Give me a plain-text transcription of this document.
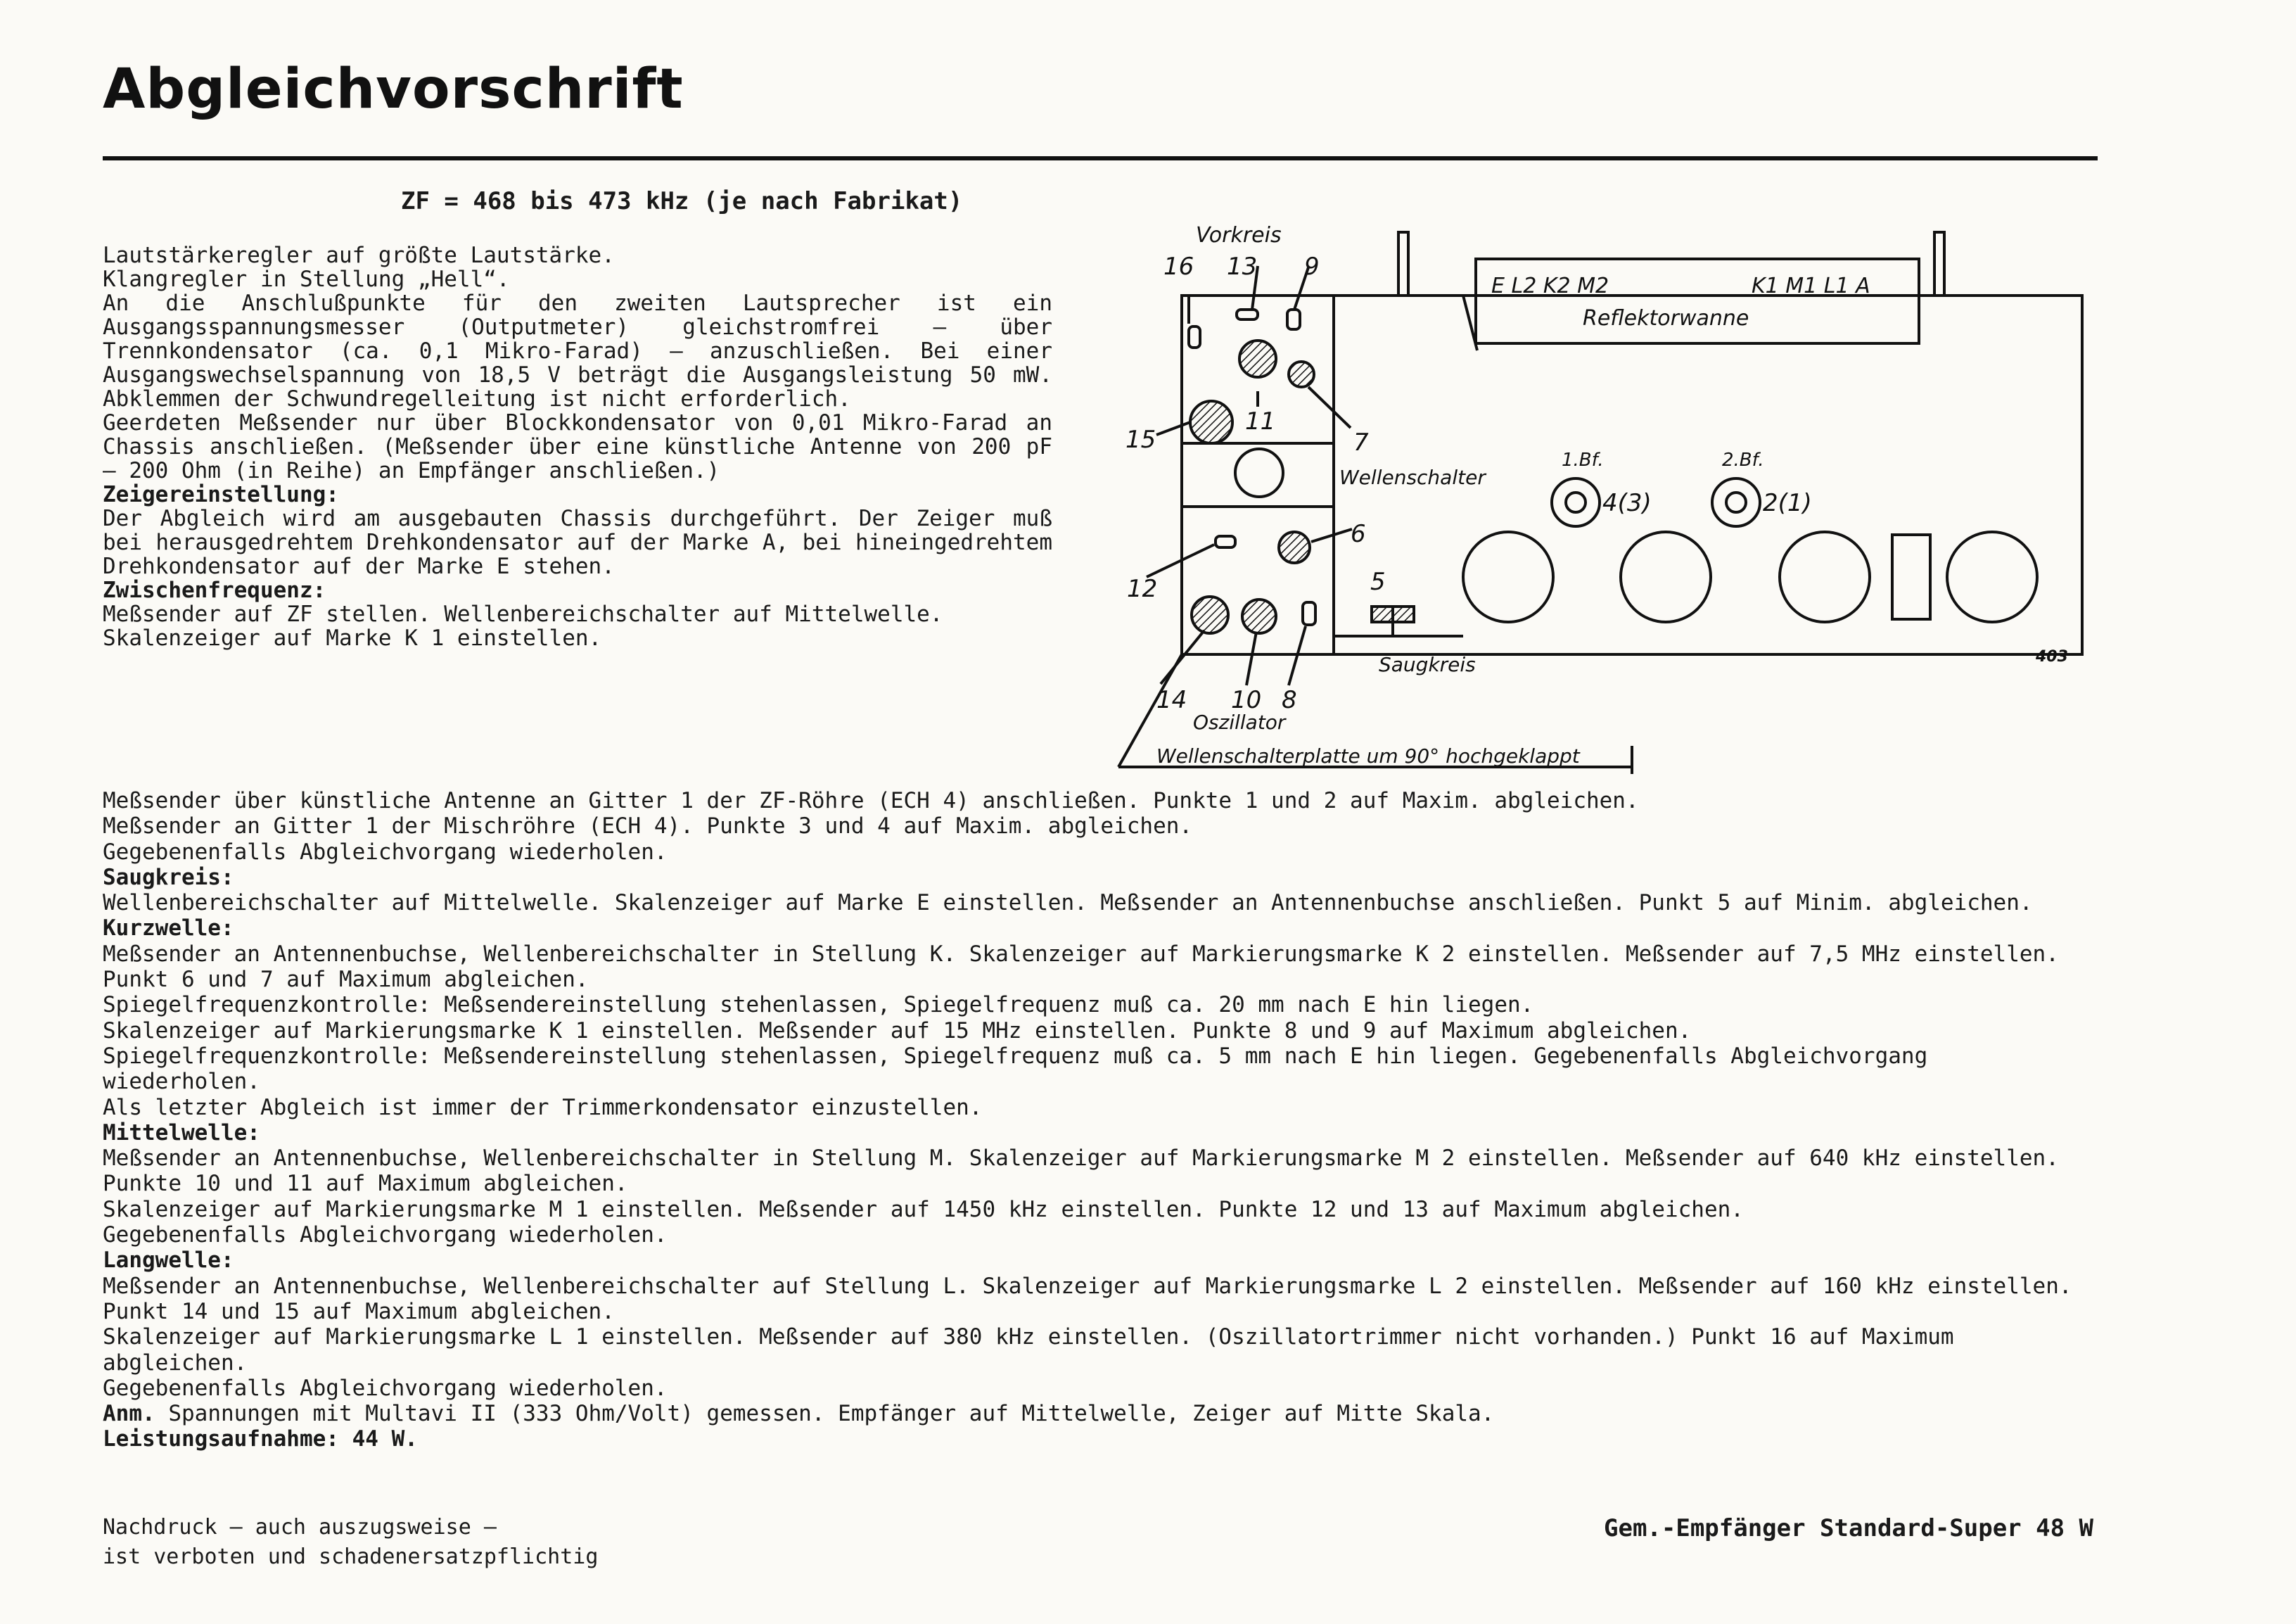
Abgleichvorschrift
ZF = 468 bis 473 kHz (je nach Fabrikat)

Lautstärkeregler auf größte Lautstärke.

Klangregler in Stellung „Hell“.

An die Anschlußpunkte für den zweiten Lautsprecher ist ein Ausgangsspannungsmesser (Outputmeter) gleichstromfrei — über Trennkondensator (ca. 0,1 Mikro-Farad) — anzuschließen. Bei einer Ausgangswechselspannung von 18,5 V beträgt die Ausgangsleistung 50 mW. Abklemmen der Schwundregelleitung ist nicht erforderlich.

Geerdeten Meßsender nur über Blockkondensator von 0,01 Mikro-Farad an Chassis anschließen. (Meßsender über eine künstliche Antenne von 200 pF — 200 Ohm (in Reihe) an Empfänger anschließen.)

Zeigereinstellung:

Der Abgleich wird am ausgebauten Chassis durchgeführt. Der Zeiger muß bei herausgedrehtem Drehkondensator auf der Marke A, bei hineingedrehtem Drehkondensator auf der Marke E stehen.

Zwischenfrequenz:

Meßsender auf ZF stellen. Wellenbereichschalter auf Mittelwelle.

Skalenzeiger auf Marke K 1 einstellen.

Meßsender über künstliche Antenne an Gitter 1 der ZF-Röhre (ECH 4) anschließen. Punkte 1 und 2 auf Maxim. abgleichen.

Meßsender an Gitter 1 der Mischröhre (ECH 4). Punkte 3 und 4 auf Maxim. abgleichen.

Gegebenenfalls Abgleichvorgang wiederholen.

Saugkreis:

Wellenbereichschalter auf Mittelwelle. Skalenzeiger auf Marke E einstellen. Meßsender an Antennenbuchse anschließen. Punkt 5 auf Minim. abgleichen.

Kurzwelle:

Meßsender an Antennenbuchse, Wellenbereichschalter in Stellung K. Skalenzeiger auf Markierungsmarke K 2 einstellen. Meßsender auf 7,5 MHz einstellen. Punkt 6 und 7 auf Maximum abgleichen.

Spiegelfrequenzkontrolle: Meßsendereinstellung stehenlassen, Spiegelfrequenz muß ca. 20 mm nach E hin liegen.

Skalenzeiger auf Markierungsmarke K 1 einstellen. Meßsender auf 15 MHz einstellen. Punkte 8 und 9 auf Maximum abgleichen.

Spiegelfrequenzkontrolle: Meßsendereinstellung stehenlassen, Spiegelfrequenz muß ca. 5 mm nach E hin liegen. Gegebenenfalls Abgleichvorgang wiederholen.

Als letzter Abgleich ist immer der Trimmerkondensator einzustellen.

Mittelwelle:

Meßsender an Antennenbuchse, Wellenbereichschalter in Stellung M. Skalenzeiger auf Markierungsmarke M 2 einstellen. Meßsender auf 640 kHz einstellen. Punkte 10 und 11 auf Maximum abgleichen.

Skalenzeiger auf Markierungsmarke M 1 einstellen. Meßsender auf 1450 kHz einstellen. Punkte 12 und 13 auf Maximum abgleichen.

Gegebenenfalls Abgleichvorgang wiederholen.

Langwelle:

Meßsender an Antennenbuchse, Wellenbereichschalter auf Stellung L. Skalenzeiger auf Markierungsmarke L 2 einstellen. Meßsender auf 160 kHz einstellen. Punkt 14 und 15 auf Maximum abgleichen.

Skalenzeiger auf Markierungsmarke L 1 einstellen. Meßsender auf 380 kHz einstellen. (Oszillatortrimmer nicht vorhanden.) Punkt 16 auf Maximum abgleichen.

Gegebenenfalls Abgleichvorgang wiederholen.

Anm. Spannungen mit Multavi II (333 Ohm/Volt) gemessen. Empfänger auf Mittelwelle, Zeiger auf Mitte Skala.

Leistungsaufnahme: 44 W.

Nachdruck — auch auszugsweise —
ist verboten und schadenersatzpflichtig
Gem.-Empfänger Standard-Super 48 W
Vorkreis
16 13 9
15
11
7
Wellenschalter
6
12	5
14 10 8
Oszillator
Saugkreis
Wellenschalterplatte um 90° hochgeklappt
403
E L2 K2 M2	K1 M1 L1 A
Reflektorwanne
1.Bf.	2.Bf.
4(3)	2(1)
